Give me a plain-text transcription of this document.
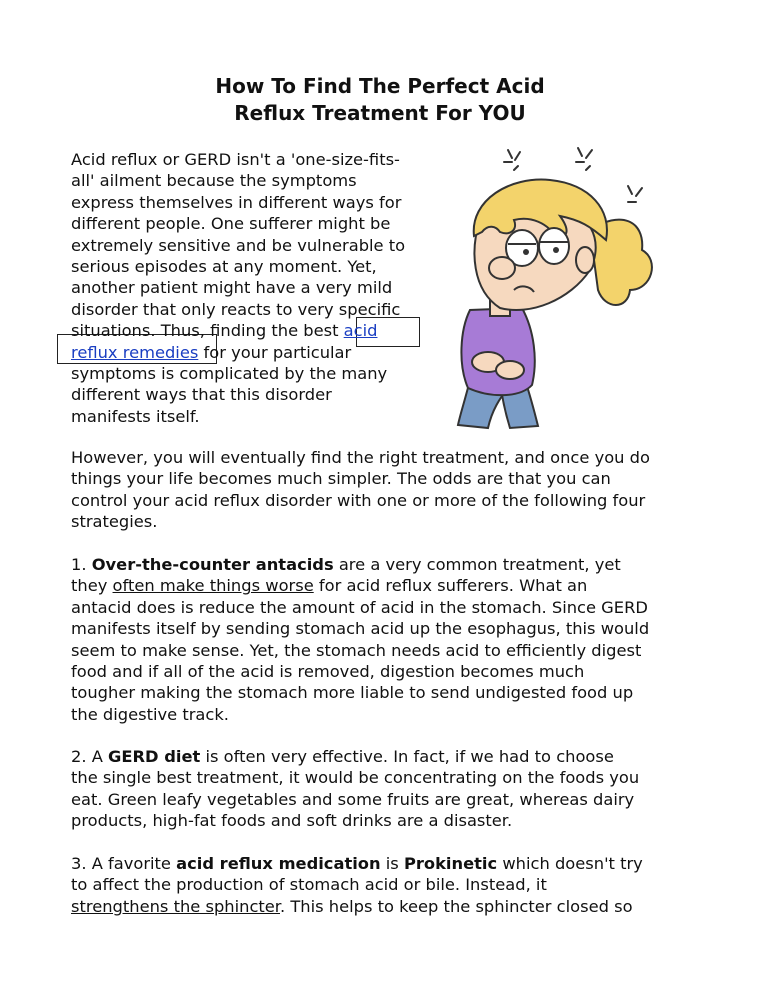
How To Find The Perfect Acid
Reflux Treatment For YOU
Acid reflux or GERD isn't a 'one-size-fits-
all' ailment because the symptoms
express themselves in different ways for
different people. One sufferer might be
extremely sensitive and be vulnerable to
serious episodes at any moment. Yet,
another patient might have a very mild
disorder that only reacts to very specific
situations. Thus, finding the best acid
reflux remedies for your particular
symptoms is complicated by the many
different ways that this disorder
manifests itself.
However, you will eventually find the right treatment, and once you do
things your life becomes much simpler. The odds are that you can
control your acid reflux disorder with one or more of the following four
strategies.
1. Over-the-counter antacids are a very common treatment, yet
they often make things worse for acid reflux sufferers. What an
antacid does is reduce the amount of acid in the stomach. Since GERD
manifests itself by sending stomach acid up the esophagus, this would
seem to make sense. Yet, the stomach needs acid to efficiently digest
food and if all of the acid is removed, digestion becomes much
tougher making the stomach more liable to send undigested food up
the digestive track.
2. A GERD diet is often very effective. In fact, if we had to choose
the single best treatment, it would be concentrating on the foods you
eat. Green leafy vegetables and some fruits are great, whereas dairy
products, high-fat foods and soft drinks are a disaster.
3. A favorite acid reflux medication is Prokinetic which doesn't try
to affect the production of stomach acid or bile. Instead, it
strengthens the sphincter. This helps to keep the sphincter closed so
